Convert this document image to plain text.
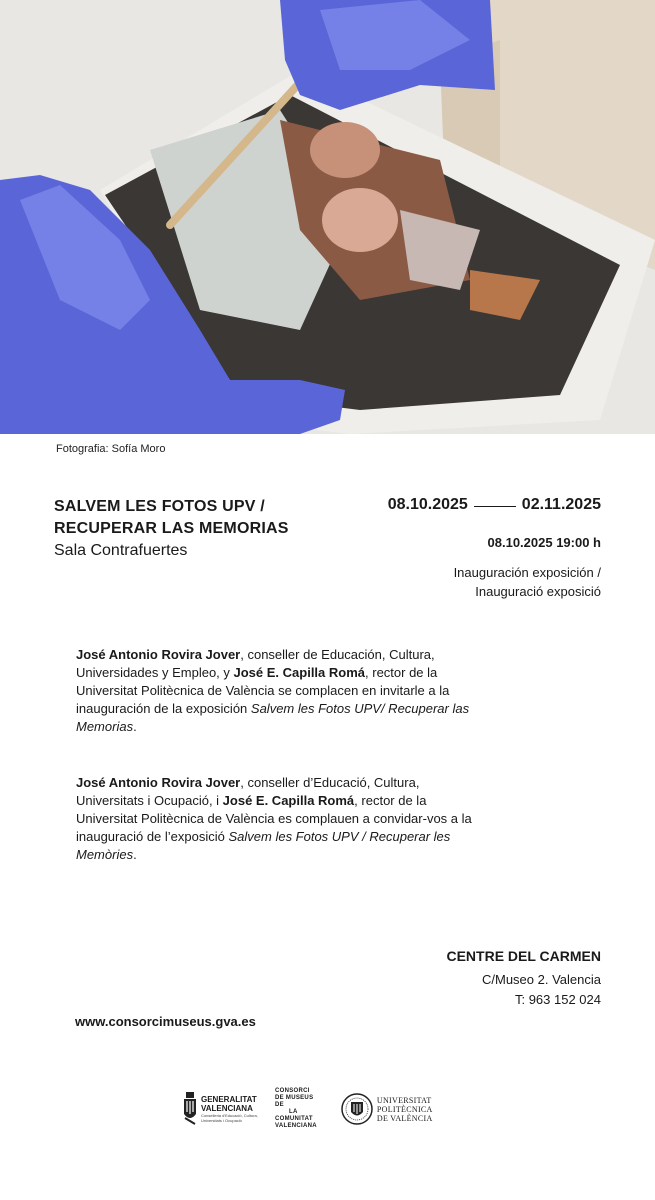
Fotografia: Sofía Moro
SALVEM LES FOTOS UPV /
RECUPERAR LAS MEMORIAS
Sala Contrafuertes
08.10.2025	02.11.2025
08.10.2025 19:00 h
Inauguración exposición /
Inauguració exposició
José Antonio Rovira Jover, conseller de Educación, Cultura, Universidades y Empleo, y José E. Capilla Romá, rector de la Universitat Politècnica de València se complacen en invitarle a la inauguración de la exposición Salvem les Fotos UPV/ Recuperar las Memorias.
José Antonio Rovira Jover, conseller d’Educació, Cultura, Universitats i Ocupació, i José E. Capilla Romá, rector de la Universitat Politècnica de València es complauen a convidar-vos a la inauguració de l’exposició Salvem les Fotos UPV / Recuperar les Memòries.
CENTRE DEL CARMEN
C/Museo 2. Valencia
T: 963 152 024
www.consorcimuseus.gva.es
GENERALITAT
VALENCIANA
Conselleria d'Educació, Cultura, Universitats i Ocupació
CONSORCI
DE MUSEUS
DE
LA
COMUNITAT
VALENCIANA
UNIVERSITAT
POLITÈCNICA
DE VALÈNCIA
